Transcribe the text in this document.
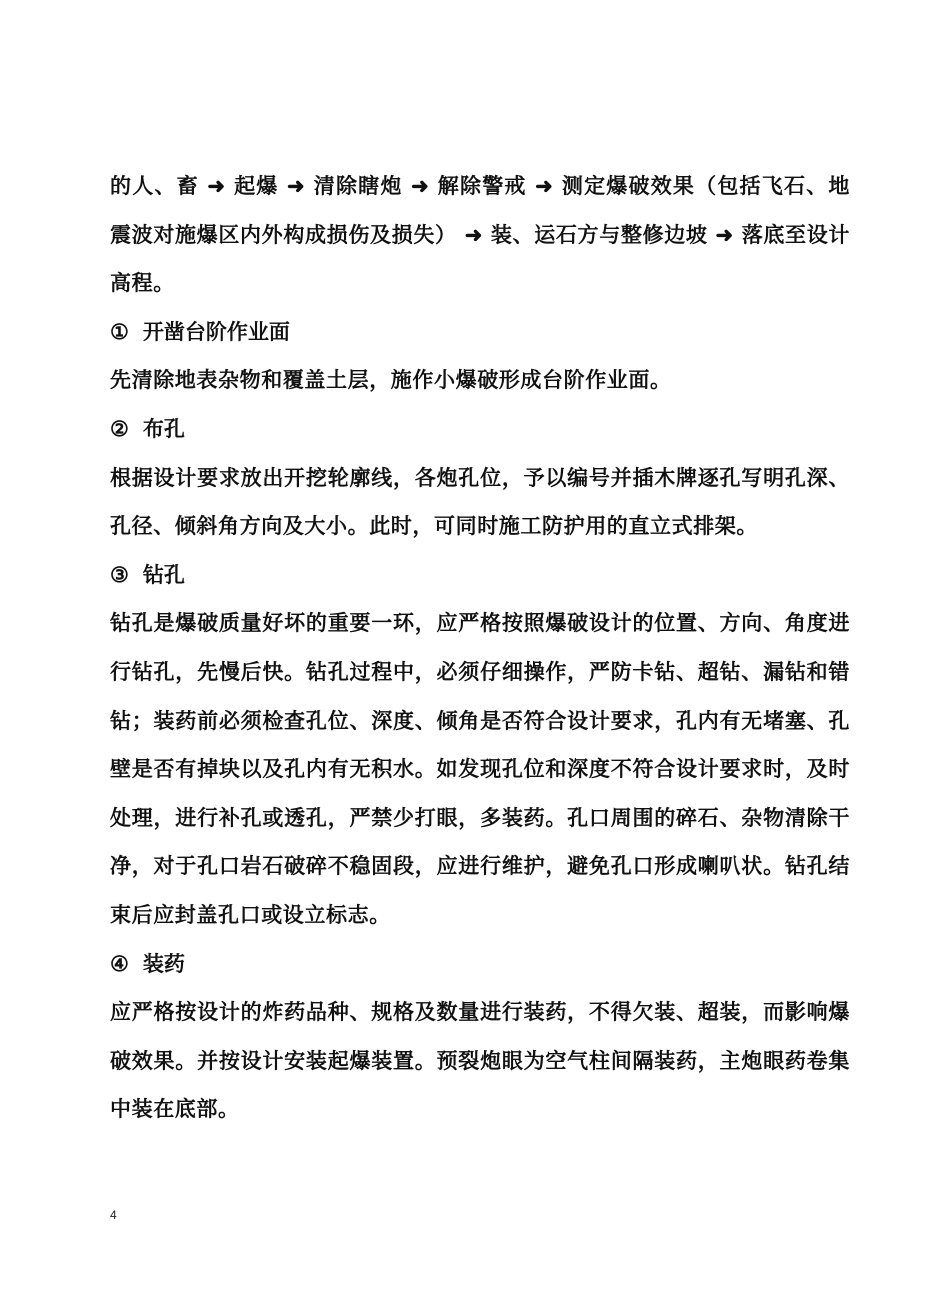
的人、畜 ➜ 起爆 ➜ 清除瞎炮 ➜ 解除警戒 ➜ 测定爆破效果（包括飞石、地震波对施爆区内外构成损伤及损失） ➜ 装、运石方与整修边坡 ➜ 落底至设计高程。

① 开凿台阶作业面

先清除地表杂物和覆盖土层，施作小爆破形成台阶作业面。

② 布孔

根据设计要求放出开挖轮廓线，各炮孔位，予以编号并插木牌逐孔写明孔深、孔径、倾斜角方向及大小。此时，可同时施工防护用的直立式排架。

③ 钻孔

钻孔是爆破质量好坏的重要一环，应严格按照爆破设计的位置、方向、角度进行钻孔，先慢后快。钻孔过程中，必须仔细操作，严防卡钻、超钻、漏钻和错钻；装药前必须检查孔位、深度、倾角是否符合设计要求，孔内有无堵塞、孔壁是否有掉块以及孔内有无积水。如发现孔位和深度不符合设计要求时，及时处理，进行补孔或透孔，严禁少打眼，多装药。孔口周围的碎石、杂物清除干净，对于孔口岩石破碎不稳固段，应进行维护，避免孔口形成喇叭状。钻孔结束后应封盖孔口或设立标志。

④ 装药

应严格按设计的炸药品种、规格及数量进行装药，不得欠装、超装，而影响爆破效果。并按设计安装起爆装置。预裂炮眼为空气柱间隔装药，主炮眼药卷集中装在底部。

4
